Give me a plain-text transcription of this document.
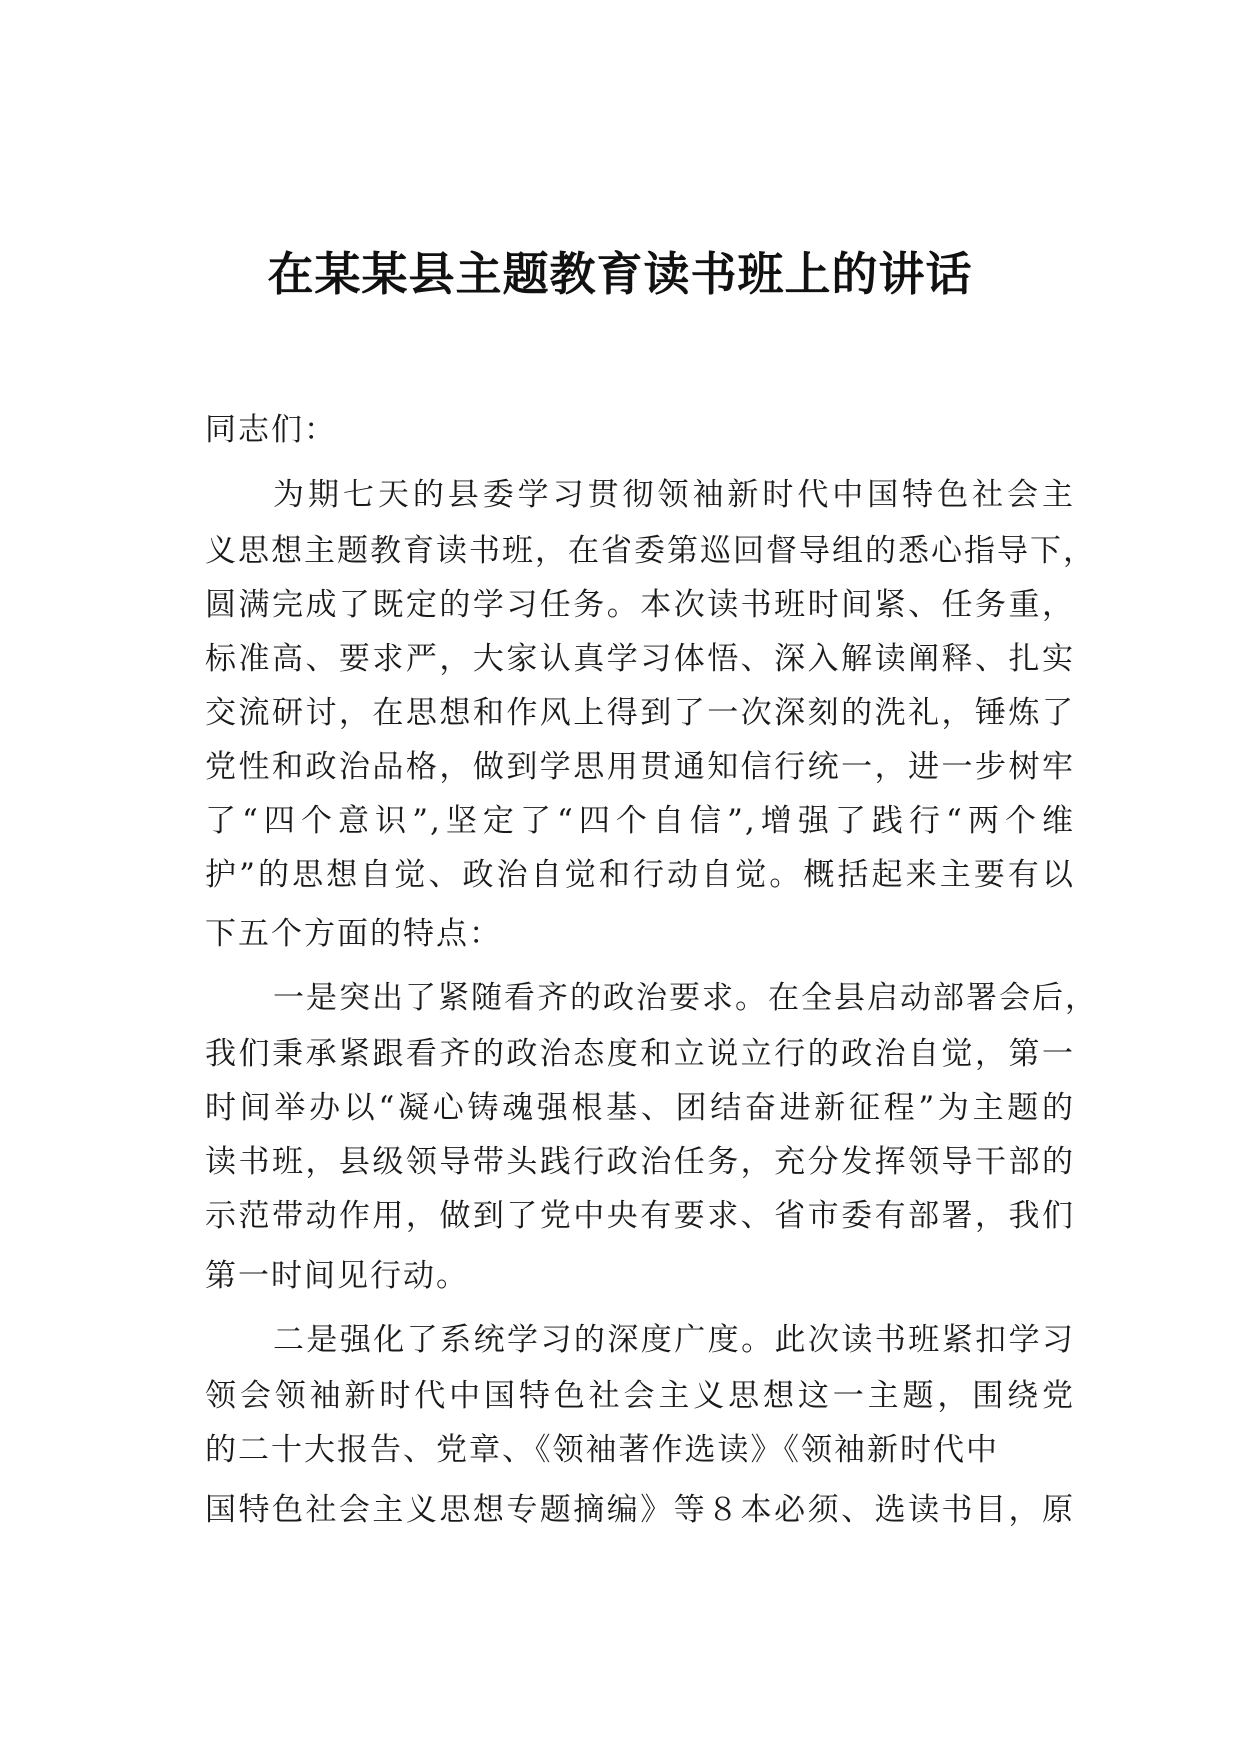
在某某县主题教育读书班上的讲话
同志们：
为期七天的县委学习贯彻领袖新时代中国特色社会主
义思想主题教育读书班，在省委第巡回督导组的悉心指导下，
圆满完成了既定的学习任务。本次读书班时间紧、任务重，
标准高、要求严，大家认真学习体悟、深入解读阐释、扎实
交流研讨，在思想和作风上得到了一次深刻的洗礼，锤炼了
党性和政治品格，做到学思用贯通知信行统一，进一步树牢
了“四个意识”,坚定了“四个自信”,增强了践行“两个维
护”的思想自觉、政治自觉和行动自觉。概括起来主要有以
下五个方面的特点：
一是突出了紧随看齐的政治要求。在全县启动部署会后，
我们秉承紧跟看齐的政治态度和立说立行的政治自觉，第一
时间举办以“凝心铸魂强根基、团结奋进新征程”为主题的
读书班，县级领导带头践行政治任务，充分发挥领导干部的
示范带动作用，做到了党中央有要求、省市委有部署，我们
第一时间见行动。
二是强化了系统学习的深度广度。此次读书班紧扣学习
领会领袖新时代中国特色社会主义思想这一主题，围绕党
的二十大报告、党章、《领袖著作选读》《领袖新时代中
国特色社会主义思想专题摘编》等８本必须、选读书目，原
